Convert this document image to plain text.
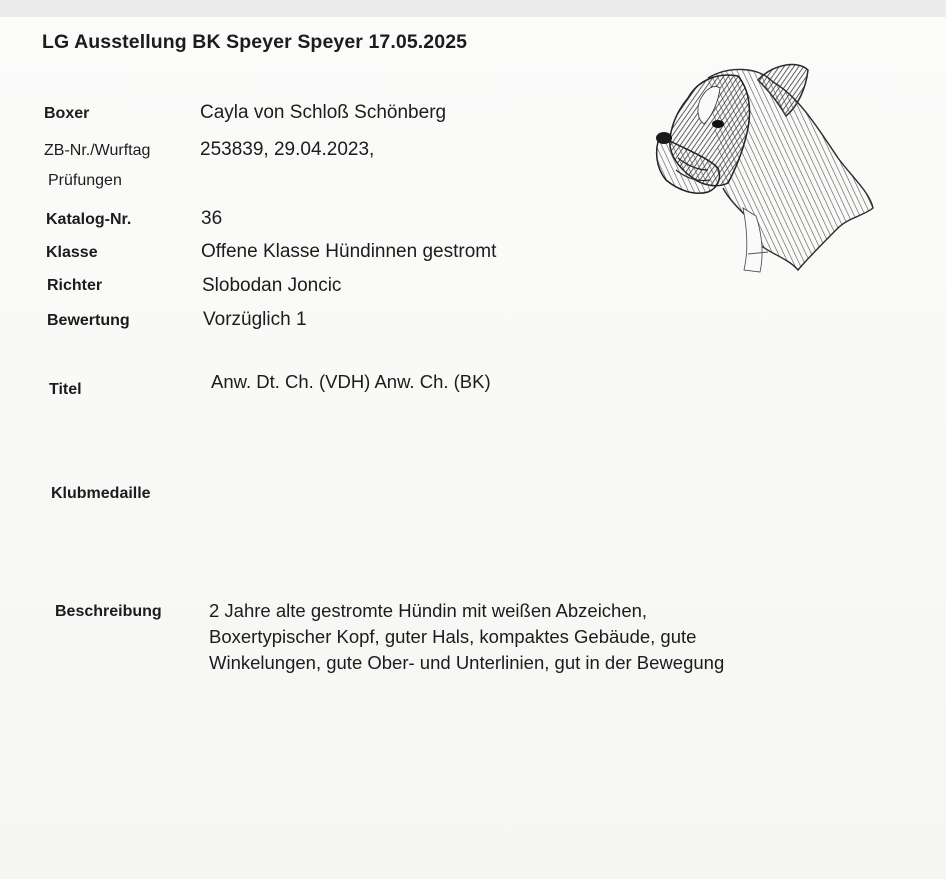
LG Ausstellung BK Speyer Speyer 17.05.2025
Boxer	Cayla von Schloß Schönberg
ZB-Nr./Wurftag	253839, 29.04.2023,
Prüfungen
Katalog-Nr.	36
Klasse	Offene Klasse Hündinnen gestromt
Richter	Slobodan Joncic
Bewertung	Vorzüglich 1
Titel	Anw. Dt. Ch. (VDH) Anw. Ch. (BK)
Klubmedaille
Beschreibung	2 Jahre alte gestromte Hündin mit weißen Abzeichen,
Boxertypischer Kopf, guter Hals, kompaktes Gebäude, gute
Winkelungen, gute Ober- und Unterlinien, gut in der Bewegung
